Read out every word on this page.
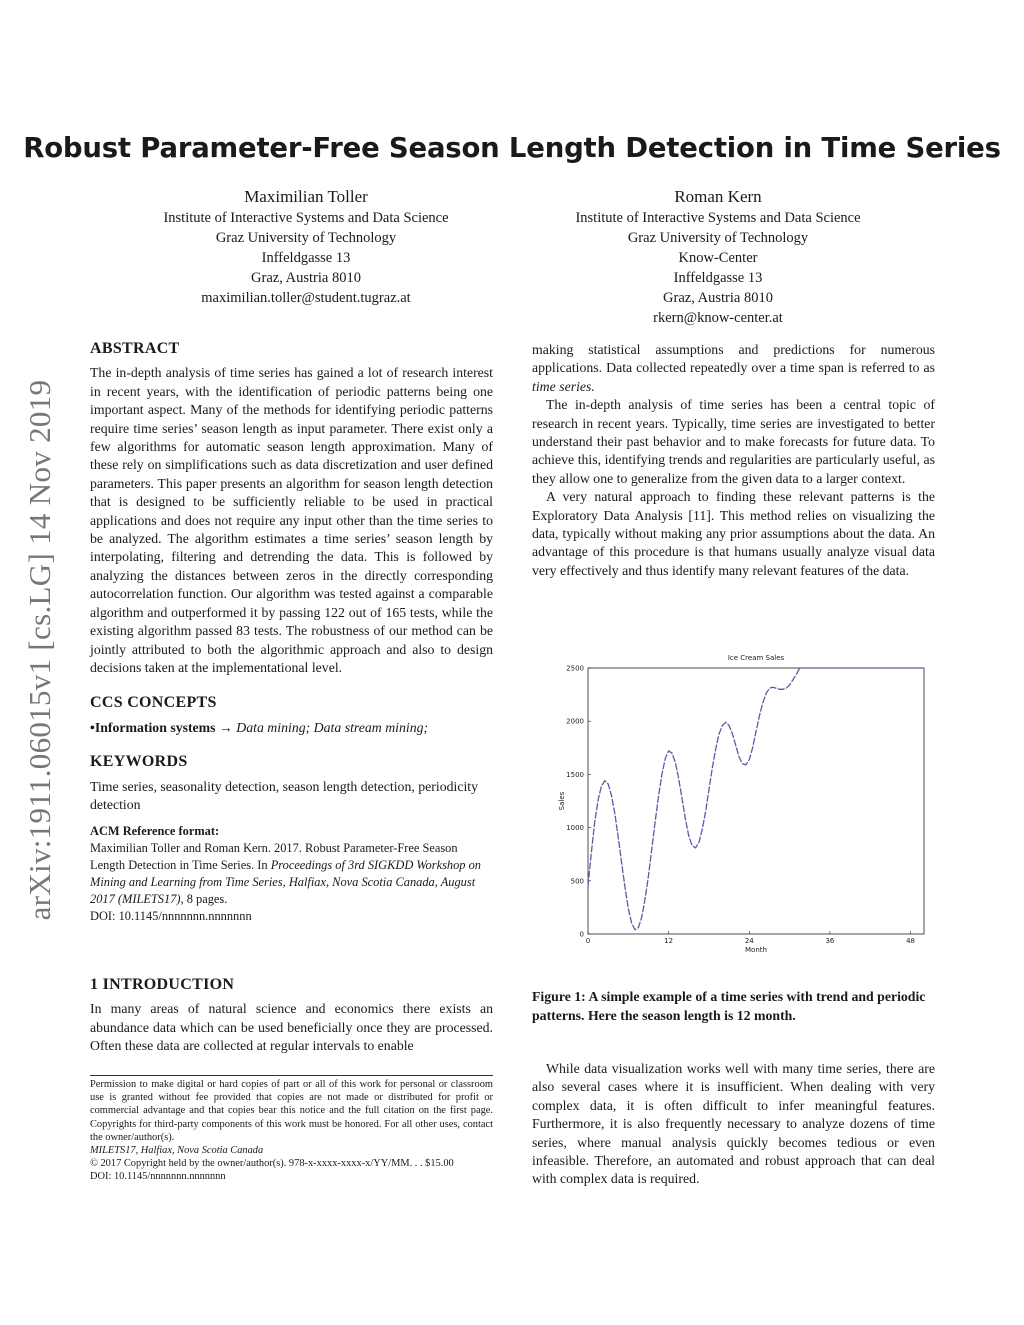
Robust Parameter-Free Season Length Detection in Time Series
Maximilian Toller
Institute of Interactive Systems and Data Science
Graz University of Technology
Inffeldgasse 13
Graz, Austria 8010
maximilian.toller@student.tugraz.at
Roman Kern
Institute of Interactive Systems and Data Science
Graz University of Technology
Know-Center
Inffeldgasse 13
Graz, Austria 8010
rkern@know-center.at
arXiv:1911.06015v1 [cs.LG] 14 Nov 2019
ABSTRACT

The in-depth analysis of time series has gained a lot of research interest in recent years, with the identification of periodic patterns being one important aspect. Many of the methods for identifying periodic patterns require time series’ season length as input parameter. There exist only a few algorithms for automatic season length approximation. Many of these rely on simplifications such as data discretization and user defined parameters. This paper presents an algorithm for season length detection that is designed to be sufficiently reliable to be used in practical applications and does not require any input other than the time series to be analyzed. The algorithm estimates a time series’ season length by interpolating, filtering and detrending the data. This is followed by analyzing the distances between zeros in the directly corresponding autocorrelation function. Our algorithm was tested against a comparable algorithm and outperformed it by passing 122 out of 165 tests, while the existing algorithm passed 83 tests. The robustness of our method can be jointly attributed to both the algorithmic approach and also to design decisions taken at the implementational level.

CCS CONCEPTS

•Information systems → Data mining; Data stream mining;

KEYWORDS

Time series, seasonality detection, season length detection, periodicity detection

ACM Reference format:

Maximilian Toller and Roman Kern. 2017. Robust Parameter-Free Season Length Detection in Time Series. In Proceedings of 3rd SIGKDD Workshop on Mining and Learning from Time Series, Halfiax, Nova Scotia Canada, August 2017 (MILETS17), 8 pages.

DOI: 10.1145/nnnnnnn.nnnnnnn

1 INTRODUCTION

In many areas of natural science and economics there exists an abundance data which can be used beneficially once they are processed. Often these data are collected at regular intervals to enable

Permission to make digital or hard copies of part or all of this work for personal or classroom use is granted without fee provided that copies are not made or distributed for profit or commercial advantage and that copies bear this notice and the full citation on the first page. Copyrights for third-party components of this work must be honored. For all other uses, contact the owner/author(s).
MILETS17, Halfiax, Nova Scotia Canada
© 2017 Copyright held by the owner/author(s). 978-x-xxxx-xxxx-x/YY/MM. . . $15.00
DOI: 10.1145/nnnnnnn.nnnnnnn

making statistical assumptions and predictions for numerous applications. Data collected repeatedly over a time span is referred to as time series.

The in-depth analysis of time series has been a central topic of research in recent years. Typically, time series are investigated to better understand their past behavior and to make forecasts for future data. To achieve this, identifying trends and regularities are particularly useful, as they allow one to generalize from the given data to a larger context.

A very natural approach to finding these relevant patterns is the Exploratory Data Analysis [11]. This method relies on visualizing the data, typically without making any prior assumptions about the data. An advantage of this procedure is that humans usually analyze visual data very effectively and thus identify many relevant features of the data.

Ice Cream Sales
0	12	24	36	48
0
500
1000
1500
2000
2500
Month
Sales
Figure 1: A simple example of a time series with trend and periodic patterns. Here the season length is 12 month.

While data visualization works well with many time series, there are also several cases where it is insufficient. When dealing with very complex data, it is often difficult to infer meaningful features. Furthermore, it is also frequently necessary to analyze dozens of time series, where manual analysis quickly becomes tedious or even infeasible. Therefore, an automated and robust approach that can deal with complex data is required.
